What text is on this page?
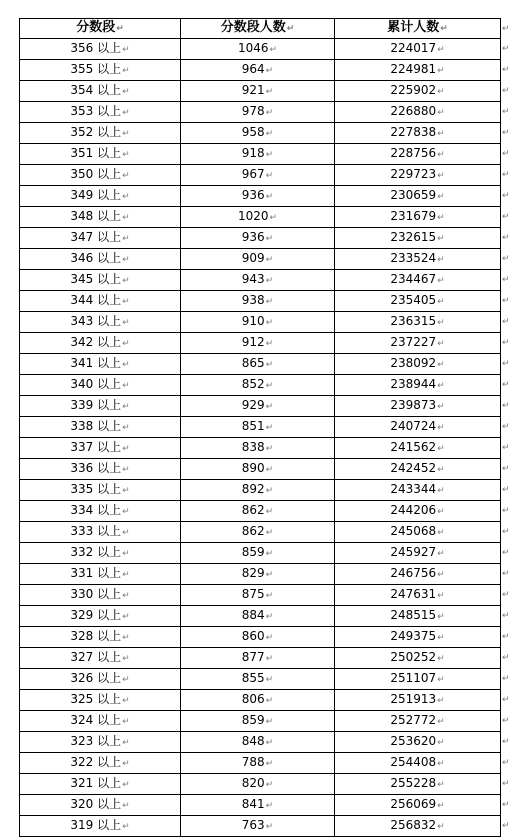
分数段↵	分数段人数↵	累计人数↵
356 以上↵	1046↵	224017↵
355 以上↵	964↵	224981↵
354 以上↵	921↵	225902↵
353 以上↵	978↵	226880↵
352 以上↵	958↵	227838↵
351 以上↵	918↵	228756↵
350 以上↵	967↵	229723↵
349 以上↵	936↵	230659↵
348 以上↵	1020↵	231679↵
347 以上↵	936↵	232615↵
346 以上↵	909↵	233524↵
345 以上↵	943↵	234467↵
344 以上↵	938↵	235405↵
343 以上↵	910↵	236315↵
342 以上↵	912↵	237227↵
341 以上↵	865↵	238092↵
340 以上↵	852↵	238944↵
339 以上↵	929↵	239873↵
338 以上↵	851↵	240724↵
337 以上↵	838↵	241562↵
336 以上↵	890↵	242452↵
335 以上↵	892↵	243344↵
334 以上↵	862↵	244206↵
333 以上↵	862↵	245068↵
332 以上↵	859↵	245927↵
331 以上↵	829↵	246756↵
330 以上↵	875↵	247631↵
329 以上↵	884↵	248515↵
328 以上↵	860↵	249375↵
327 以上↵	877↵	250252↵
326 以上↵	855↵	251107↵
325 以上↵	806↵	251913↵
324 以上↵	859↵	252772↵
323 以上↵	848↵	253620↵
322 以上↵	788↵	254408↵
321 以上↵	820↵	255228↵
320 以上↵	841↵	256069↵
319 以上↵	763↵	256832↵
↵
↵
↵
↵
↵
↵
↵
↵
↵
↵
↵
↵
↵
↵
↵
↵
↵
↵
↵
↵
↵
↵
↵
↵
↵
↵
↵
↵
↵
↵
↵
↵
↵
↵
↵
↵
↵
↵
↵
